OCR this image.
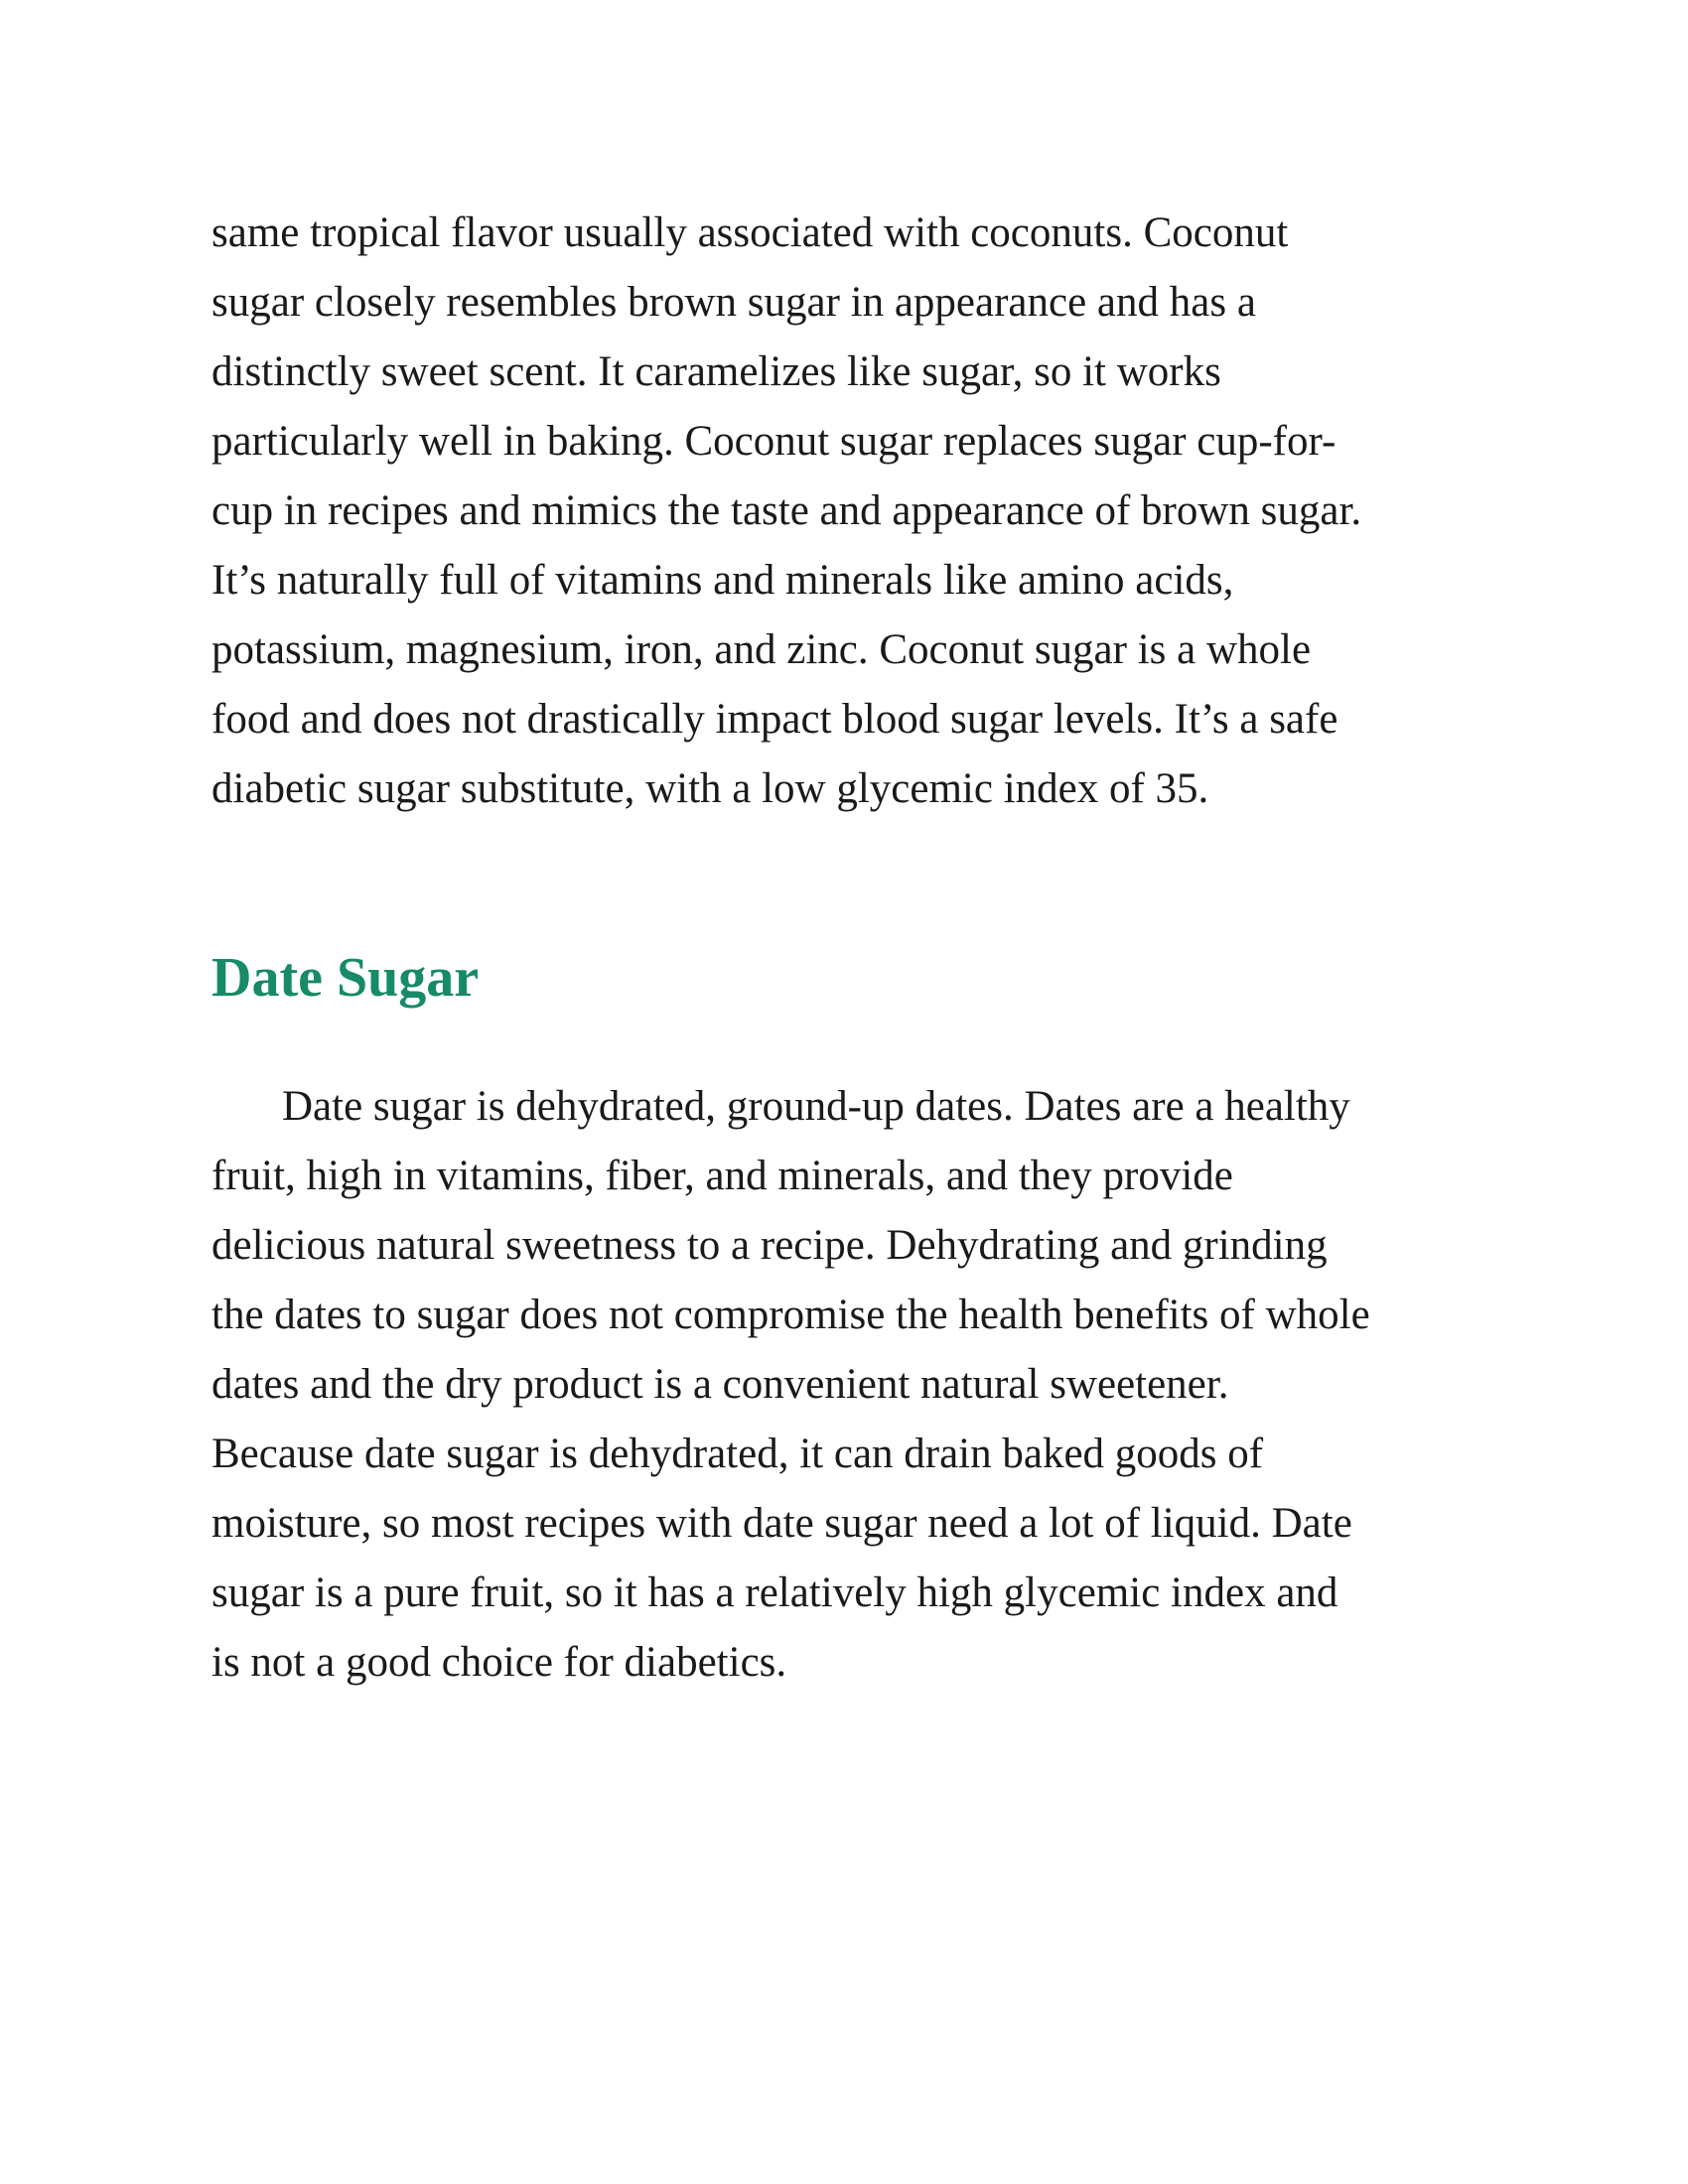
same tropical flavor usually associated with coconuts. Coconut
sugar closely resembles brown sugar in appearance and has a
distinctly sweet scent. It caramelizes like sugar, so it works
particularly well in baking. Coconut sugar replaces sugar cup-for-
cup in recipes and mimics the taste and appearance of brown sugar.
It’s naturally full of vitamins and minerals like amino acids,
potassium, magnesium, iron, and zinc. Coconut sugar is a whole
food and does not drastically impact blood sugar levels. It’s a safe
diabetic sugar substitute, with a low glycemic index of 35.
Date Sugar
Date sugar is dehydrated, ground-up dates. Dates are a healthy
fruit, high in vitamins, fiber, and minerals, and they provide
delicious natural sweetness to a recipe. Dehydrating and grinding
the dates to sugar does not compromise the health benefits of whole
dates and the dry product is a convenient natural sweetener.
Because date sugar is dehydrated, it can drain baked goods of
moisture, so most recipes with date sugar need a lot of liquid. Date
sugar is a pure fruit, so it has a relatively high glycemic index and
is not a good choice for diabetics.
